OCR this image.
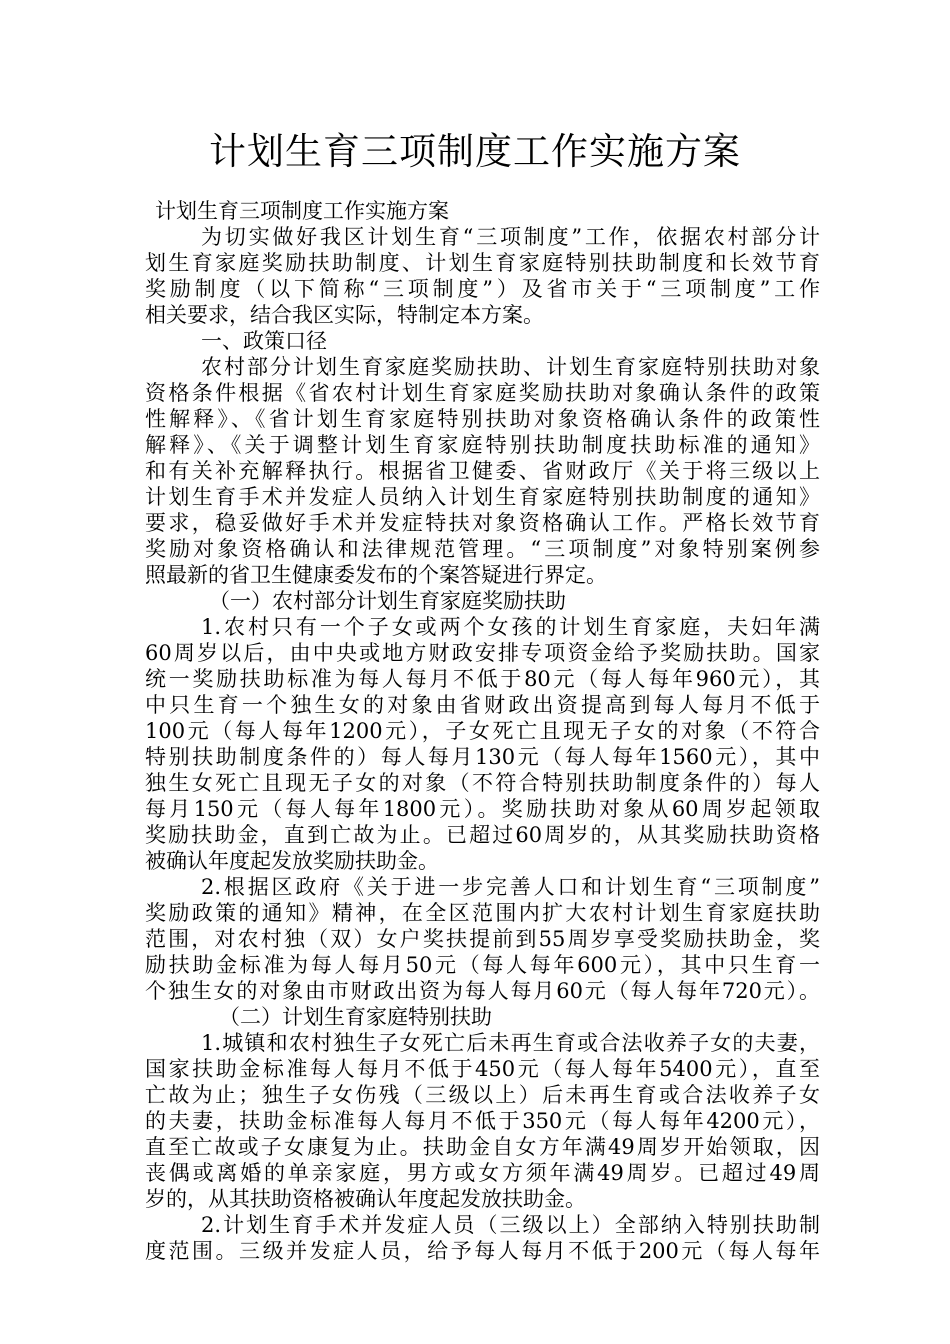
计划生育三项制度工作实施方案
计划生育三项制度工作实施方案
为切实做好我区计划生育“三项制度”工作，依据农村部分计
划生育家庭奖励扶助制度、计划生育家庭特别扶助制度和长效节育
奖励制度（以下简称“三项制度”）及省市关于“三项制度”工作
相关要求，结合我区实际，特制定本方案。
一、政策口径
农村部分计划生育家庭奖励扶助、计划生育家庭特别扶助对象
资格条件根据《省农村计划生育家庭奖励扶助对象确认条件的政策
性解释》、《省计划生育家庭特别扶助对象资格确认条件的政策性
解释》、《关于调整计划生育家庭特别扶助制度扶助标准的通知》
和有关补充解释执行。根据省卫健委、省财政厅《关于将三级以上
计划生育手术并发症人员纳入计划生育家庭特别扶助制度的通知》
要求，稳妥做好手术并发症特扶对象资格确认工作。严格长效节育
奖励对象资格确认和法律规范管理。“三项制度”对象特别案例参
照最新的省卫生健康委发布的个案答疑进行界定。
（一）农村部分计划生育家庭奖励扶助
1.农村只有一个子女或两个女孩的计划生育家庭，夫妇年满
60周岁以后，由中央或地方财政安排专项资金给予奖励扶助。国家
统一奖励扶助标准为每人每月不低于80元（每人每年960元），其
中只生育一个独生女的对象由省财政出资提高到每人每月不低于
100元（每人每年1200元），子女死亡且现无子女的对象（不符合
特别扶助制度条件的）每人每月130元（每人每年1560元），其中
独生女死亡且现无子女的对象（不符合特别扶助制度条件的）每人
每月150元（每人每年1800元）。奖励扶助对象从60周岁起领取
奖励扶助金，直到亡故为止。已超过60周岁的，从其奖励扶助资格
被确认年度起发放奖励扶助金。
2.根据区政府《关于进一步完善人口和计划生育“三项制度”
奖励政策的通知》精神，在全区范围内扩大农村计划生育家庭扶助
范围，对农村独（双）女户奖扶提前到55周岁享受奖励扶助金，奖
励扶助金标准为每人每月50元（每人每年600元），其中只生育一
个独生女的对象由市财政出资为每人每月60元（每人每年720元）。
（二）计划生育家庭特别扶助
1.城镇和农村独生子女死亡后未再生育或合法收养子女的夫妻，
国家扶助金标准每人每月不低于450元（每人每年5400元），直至
亡故为止；独生子女伤残（三级以上）后未再生育或合法收养子女
的夫妻，扶助金标准每人每月不低于350元（每人每年4200元），
直至亡故或子女康复为止。扶助金自女方年满49周岁开始领取，因
丧偶或离婚的单亲家庭，男方或女方须年满49周岁。已超过49周
岁的，从其扶助资格被确认年度起发放扶助金。
2.计划生育手术并发症人员（三级以上）全部纳入特别扶助制
度范围。三级并发症人员，给予每人每月不低于200元（每人每年
